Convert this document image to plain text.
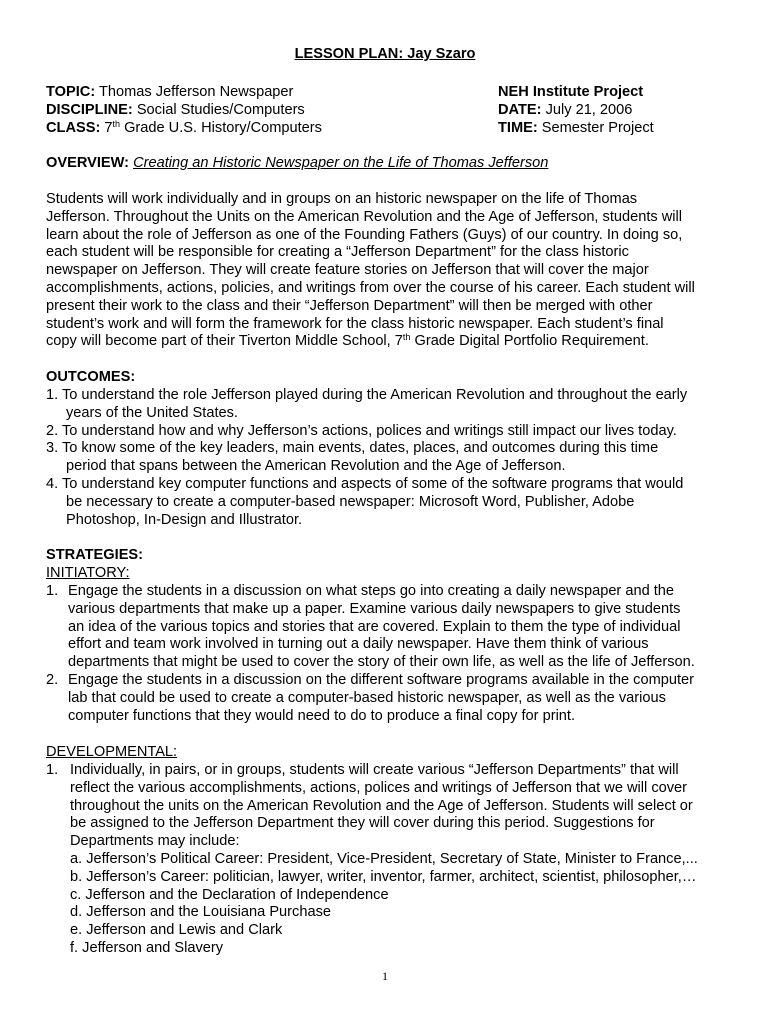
LESSON PLAN: Jay Szaro
TOPIC: Thomas Jefferson Newspaper
DISCIPLINE: Social Studies/Computers
CLASS: 7th Grade U.S. History/Computers
NEH Institute Project
DATE: July 21, 2006
TIME: Semester Project
OVERVIEW: Creating an Historic Newspaper on the Life of Thomas Jefferson
Students will work individually and in groups on an historic newspaper on the life of Thomas
Jefferson. Throughout the Units on the American Revolution and the Age of Jefferson, students will
learn about the role of Jefferson as one of the Founding Fathers (Guys) of our country. In doing so,
each student will be responsible for creating a “Jefferson Department” for the class historic
newspaper on Jefferson. They will create feature stories on Jefferson that will cover the major
accomplishments, actions, policies, and writings from over the course of his career. Each student will
present their work to the class and their “Jefferson Department” will then be merged with other
student’s work and will form the framework for the class historic newspaper. Each student’s final
copy will become part of their Tiverton Middle School, 7th Grade Digital Portfolio Requirement.
OUTCOMES:
1. To understand the role Jefferson played during the American Revolution and throughout the early
years of the United States.
2. To understand how and why Jefferson’s actions, polices and writings still impact our lives today.
3. To know some of the key leaders, main events, dates, places, and outcomes during this time
period that spans between the American Revolution and the Age of Jefferson.
4. To understand key computer functions and aspects of some of the software programs that would
be necessary to create a computer-based newspaper: Microsoft Word, Publisher, Adobe
Photoshop, In-Design and Illustrator.
STRATEGIES:
INITIATORY:
1. Engage the students in a discussion on what steps go into creating a daily newspaper and the
various departments that make up a paper. Examine various daily newspapers to give students
an idea of the various topics and stories that are covered. Explain to them the type of individual
effort and team work involved in turning out a daily newspaper. Have them think of various
departments that might be used to cover the story of their own life, as well as the life of Jefferson.
2. Engage the students in a discussion on the different software programs available in the computer
lab that could be used to create a computer-based historic newspaper, as well as the various
computer functions that they would need to do to produce a final copy for print.
DEVELOPMENTAL:
1. Individually, in pairs, or in groups, students will create various “Jefferson Departments” that will
reflect the various accomplishments, actions, polices and writings of Jefferson that we will cover
throughout the units on the American Revolution and the Age of Jefferson. Students will select or
be assigned to the Jefferson Department they will cover during this period. Suggestions for
Departments may include:
a. Jefferson’s Political Career: President, Vice-President, Secretary of State, Minister to France,...
b. Jefferson’s Career: politician, lawyer, writer, inventor, farmer, architect, scientist, philosopher,…
c. Jefferson and the Declaration of Independence
d. Jefferson and the Louisiana Purchase
e. Jefferson and Lewis and Clark
f. Jefferson and Slavery
1
